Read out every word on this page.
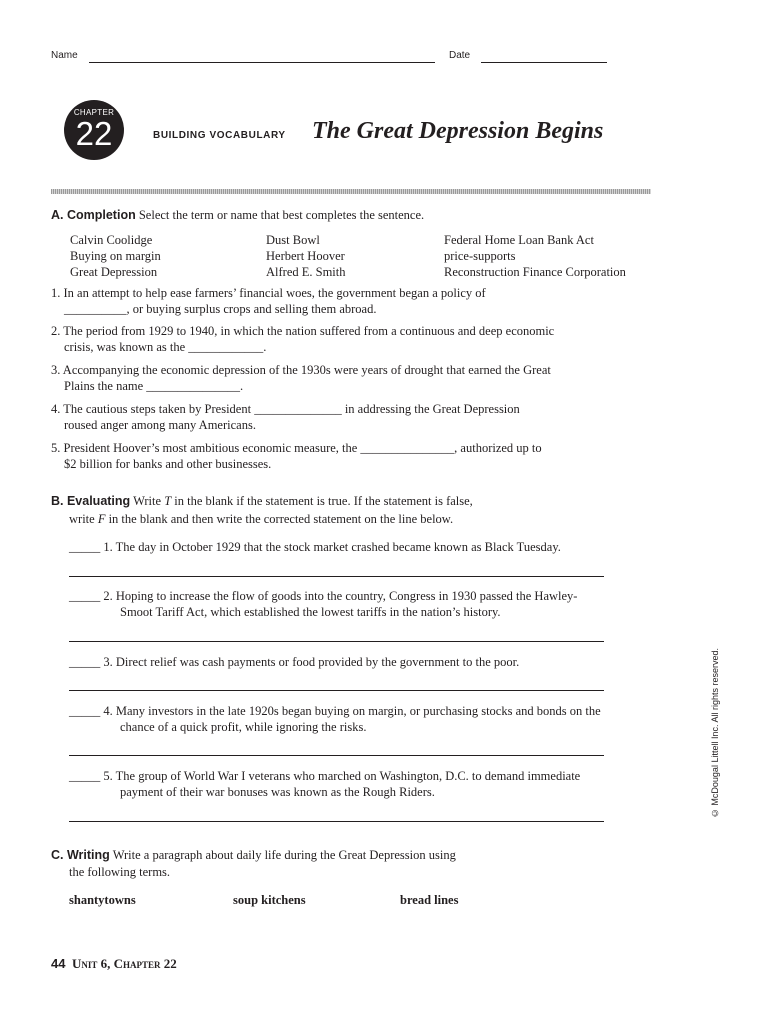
Name	Date
CHAPTER
22	BUILDING VOCABULARY The Great Depression Begins
A. Completion Select the term or name that best completes the sentence.
Calvin Coolidge	Dust Bowl	Federal Home Loan Bank Act
Buying on margin	Herbert Hoover	price-supports
Great Depression	Alfred E. Smith	Reconstruction Finance Corporation
1. In an attempt to help ease farmers’ financial woes, the government began a policy of
__________, or buying surplus crops and selling them abroad.
2. The period from 1929 to 1940, in which the nation suffered from a continuous and deep economic
crisis, was known as the ____________.
3. Accompanying the economic depression of the 1930s were years of drought that earned the Great
Plains the name _______________.
4. The cautious steps taken by President ______________ in addressing the Great Depression
roused anger among many Americans.
5. President Hoover’s most ambitious economic measure, the _______________, authorized up to
$2 billion for banks and other businesses.
B. Evaluating Write T in the blank if the statement is true. If the statement is false,
write F in the blank and then write the corrected statement on the line below.
_____ 1. The day in October 1929 that the stock market crashed became known as Black Tuesday.
_____ 2. Hoping to increase the flow of goods into the country, Congress in 1930 passed the Hawley-
Smoot Tariff Act, which established the lowest tariffs in the nation’s history.
_____ 3. Direct relief was cash payments or food provided by the government to the poor.
_____ 4. Many investors in the late 1920s began buying on margin, or purchasing stocks and bonds on the
chance of a quick profit, while ignoring the risks.
_____ 5. The group of World War I veterans who marched on Washington, D.C. to demand immediate
payment of their war bonuses was known as the Rough Riders.
C. Writing Write a paragraph about daily life during the Great Depression using
the following terms.
shantytowns	soup kitchens	bread lines
44 Unit 6, Chapter 22
© McDougal Littell Inc. All rights reserved.
